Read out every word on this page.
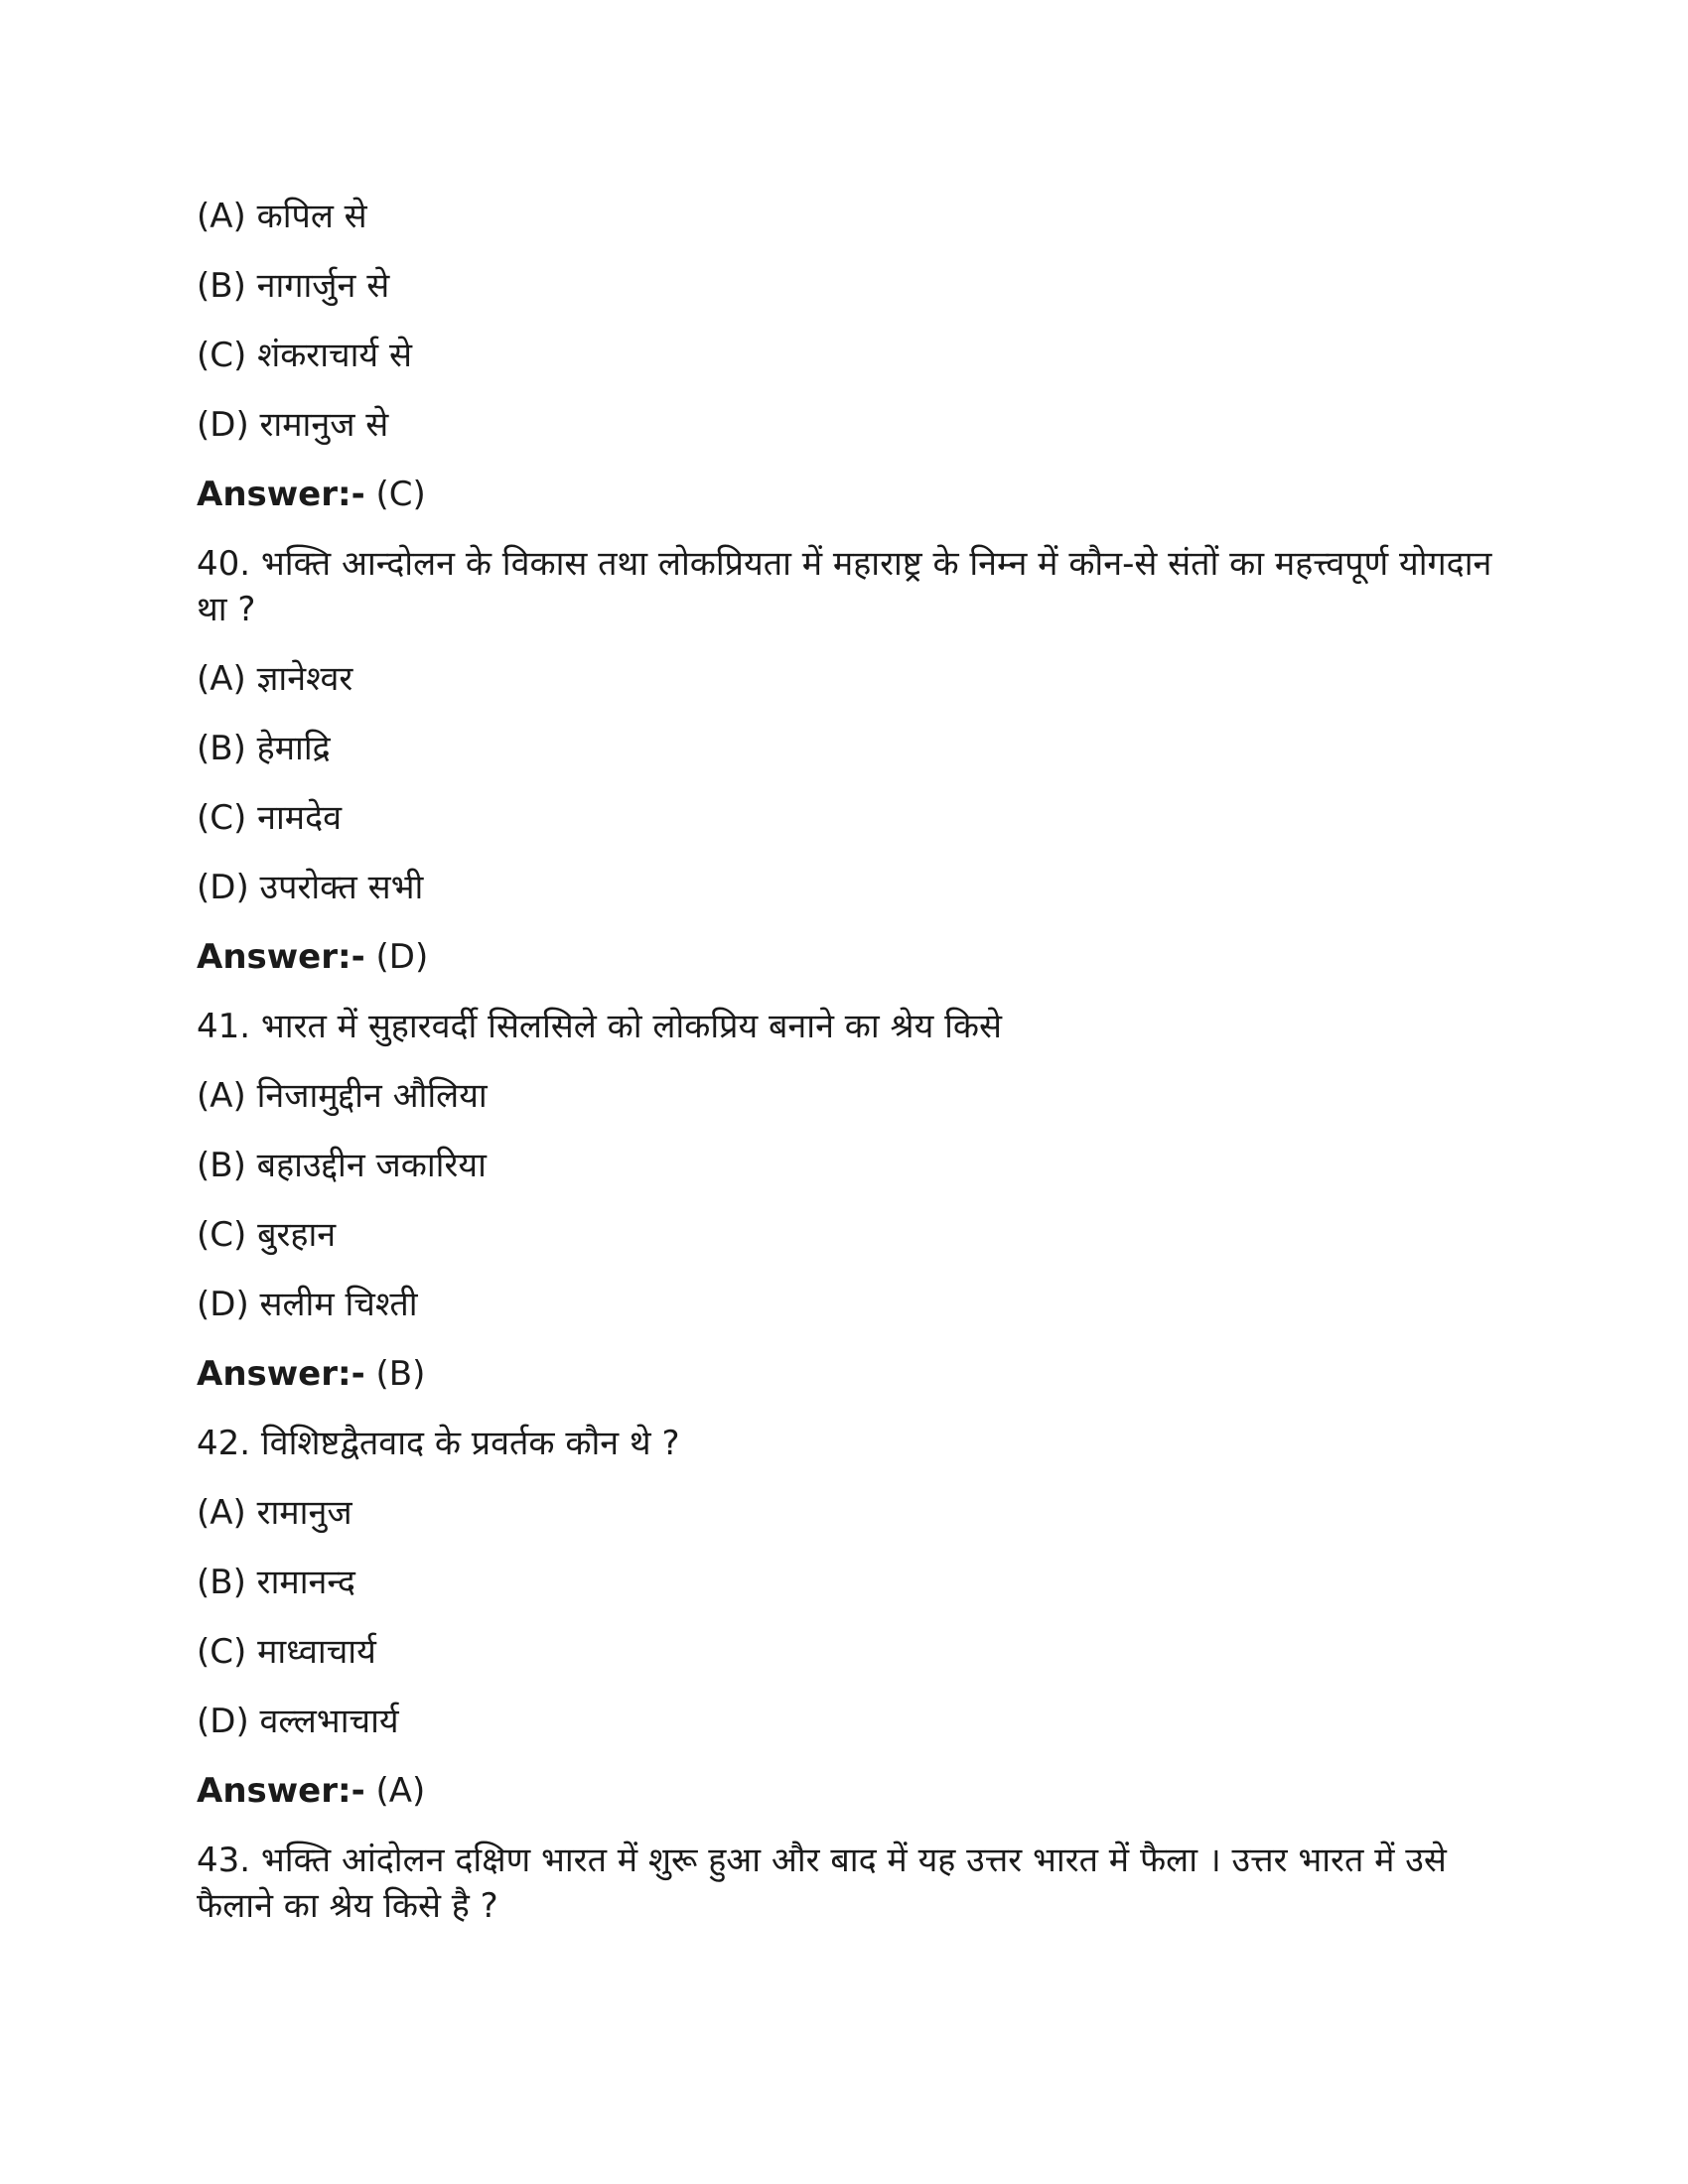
(A) कपिल से

(B) नागार्जुन से

(C) शंकराचार्य से

(D) रामानुज से

Answer:- (C)

40. भक्ति आन्दोलन के विकास तथा लोकप्रियता में महाराष्ट्र के निम्न में कौन-से संतों का महत्त्वपूर्ण योगदान था ?

(A) ज्ञानेश्वर

(B) हेमाद्रि

(C) नामदेव

(D) उपरोक्त सभी

Answer:- (D)

41. भारत में सुहारवर्दी सिलसिले को लोकप्रिय बनाने का श्रेय किसे

(A) निजामुद्दीन औलिया

(B) बहाउद्दीन जकारिया

(C) बुरहान

(D) सलीम चिश्ती

Answer:- (B)

42. विशिष्टद्वैतवाद के प्रवर्तक कौन थे ?

(A) रामानुज

(B) रामानन्द

(C) माध्वाचार्य

(D) वल्लभाचार्य

Answer:- (A)

43. भक्ति आंदोलन दक्षिण भारत में शुरू हुआ और बाद में यह उत्तर भारत में फैला । उत्तर भारत में उसे फैलाने का श्रेय किसे है ?
